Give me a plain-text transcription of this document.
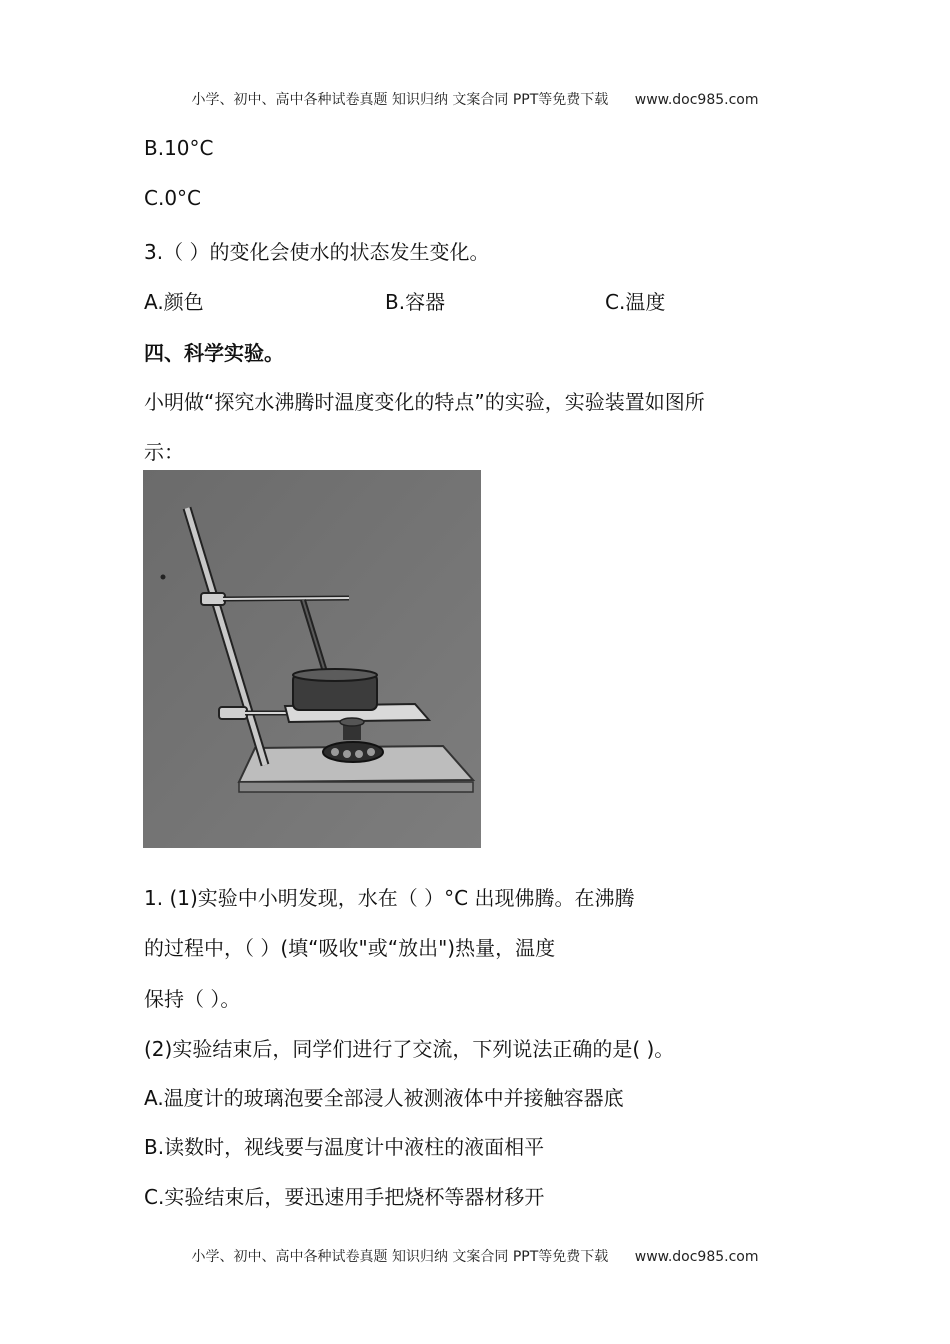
小学、初中、高中各种试卷真题 知识归纳 文案合同 PPT等免费下载 www.doc985.com
B.10°C
C.0°C
3.（ ）的变化会使水的状态发生变化。
A.颜色	B.容器	C.温度
四、科学实验。
小明做“探究水沸腾时温度变化的特点”的实验，实验装置如图所
示：
1. (1)实验中小明发现，水在（ ）°C 出现佛腾。在沸腾
的过程中，（ ）(填“吸收"或“放出")热量，温度
保持（ ）。
(2)实验结束后，同学们进行了交流，下列说法正确的是( )。
A.温度计的玻璃泡要全部浸人被测液体中并接触容器底
B.读数时，视线要与温度计中液柱的液面相平
C.实验结束后，要迅速用手把烧杯等器材移开
小学、初中、高中各种试卷真题 知识归纳 文案合同 PPT等免费下载 www.doc985.com
